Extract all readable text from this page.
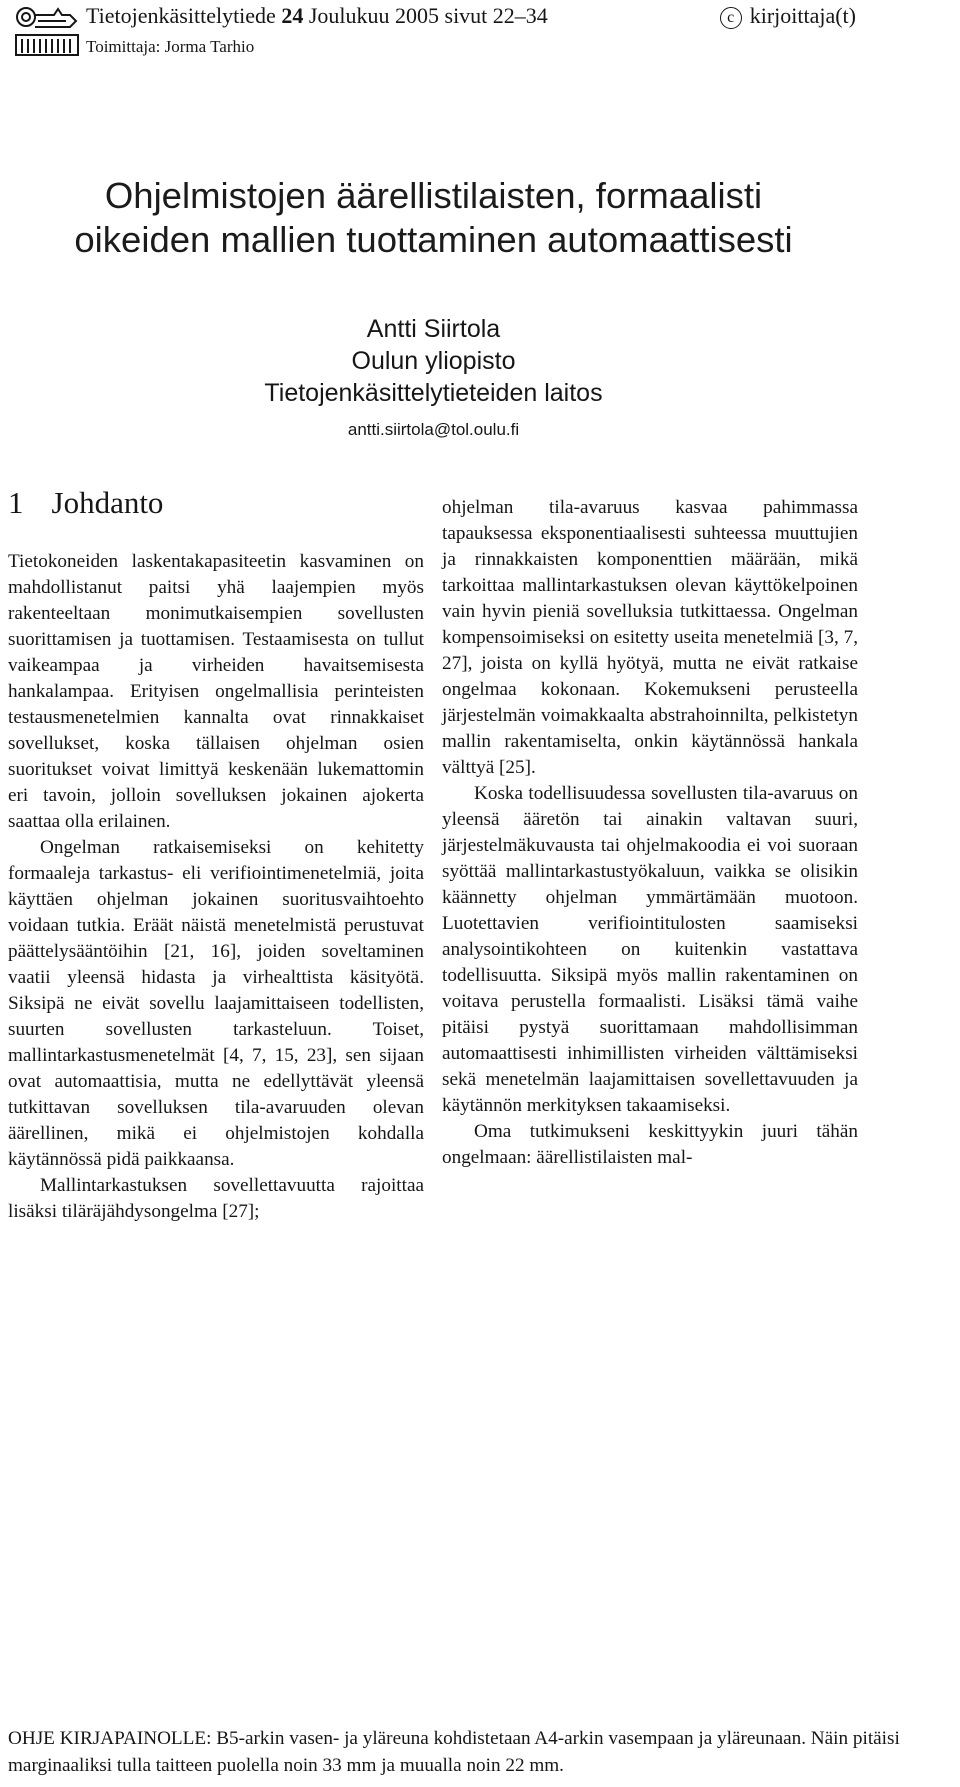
Tietojenkäsittelytiede 24 Joulukuu 2005 sivut 22–34
Toimittaja: Jorma Tarhio
c kirjoittaja(t)
Ohjelmistojen äärellistilaisten, formaalisti
oikeiden mallien tuottaminen automaattisesti
Antti Siirtola
Oulun yliopisto
Tietojenkäsittelytieteiden laitos
antti.siirtola@tol.oulu.fi
1 Johdanto

Tietokoneiden laskentakapasiteetin kasvaminen on mahdollistanut paitsi yhä laajempien myös rakenteeltaan monimutkaisempien sovellusten suorittamisen ja tuottamisen. Testaamisesta on tullut vaikeampaa ja virheiden havaitsemisesta hankalampaa. Erityisen ongelmallisia perinteisten testausmenetelmien kannalta ovat rinnakkaiset sovellukset, koska tällaisen ohjelman osien suoritukset voivat limittyä keskenään lukemattomin eri tavoin, jolloin sovelluksen jokainen ajokerta saattaa olla erilainen.

Ongelman ratkaisemiseksi on kehitetty formaaleja tarkastus- eli verifiointimenetelmiä, joita käyttäen ohjelman jokainen suoritusvaihtoehto voidaan tutkia. Eräät näistä menetelmistä perustuvat päättelysääntöihin [21, 16], joiden soveltaminen vaatii yleensä hidasta ja virhealttista käsityötä. Siksipä ne eivät sovellu laajamittaiseen todellisten, suurten sovellusten tarkasteluun. Toiset, mallintarkastusmenetelmät [4, 7, 15, 23], sen sijaan ovat automaattisia, mutta ne edellyttävät yleensä tutkittavan sovelluksen tila-avaruuden olevan äärellinen, mikä ei ohjelmistojen kohdalla käytännössä pidä paikkaansa.

Mallintarkastuksen sovellettavuutta rajoittaa lisäksi tiläräjähdysongelma [27];

ohjelman tila-avaruus kasvaa pahimmassa tapauksessa eksponentiaalisesti suhteessa muuttujien ja rinnakkaisten komponenttien määrään, mikä tarkoittaa mallintarkastuksen olevan käyttökelpoinen vain hyvin pieniä sovelluksia tutkittaessa. Ongelman kompensoimiseksi on esitetty useita menetelmiä [3, 7, 27], joista on kyllä hyötyä, mutta ne eivät ratkaise ongelmaa kokonaan. Kokemukseni perusteella järjestelmän voimakkaalta abstrahoinnilta, pelkistetyn mallin rakentamiselta, onkin käytännössä hankala välttyä [25].

Koska todellisuudessa sovellusten tila-avaruus on yleensä ääretön tai ainakin valtavan suuri, järjestelmäkuvausta tai ohjelmakoodia ei voi suoraan syöttää mallintarkastustyökaluun, vaikka se olisikin käännetty ohjelman ymmärtämään muotoon. Luotettavien verifiointitulosten saamiseksi analysointikohteen on kuitenkin vastattava todellisuutta. Siksipä myös mallin rakentaminen on voitava perustella formaalisti. Lisäksi tämä vaihe pitäisi pystyä suorittamaan mahdollisimman automaattisesti inhimillisten virheiden välttämiseksi sekä menetelmän laajamittaisen sovellettavuuden ja käytännön merkityksen takaamiseksi.

Oma tutkimukseni keskittyykin juuri tähän ongelmaan: äärellistilaisten mal-

OHJE KIRJAPAINOLLE: B5-arkin vasen- ja yläreuna kohdistetaan A4-arkin vasempaan ja yläreunaan. Näin pitäisi marginaaliksi tulla taitteen puolella noin 33 mm ja muualla noin 22 mm.
